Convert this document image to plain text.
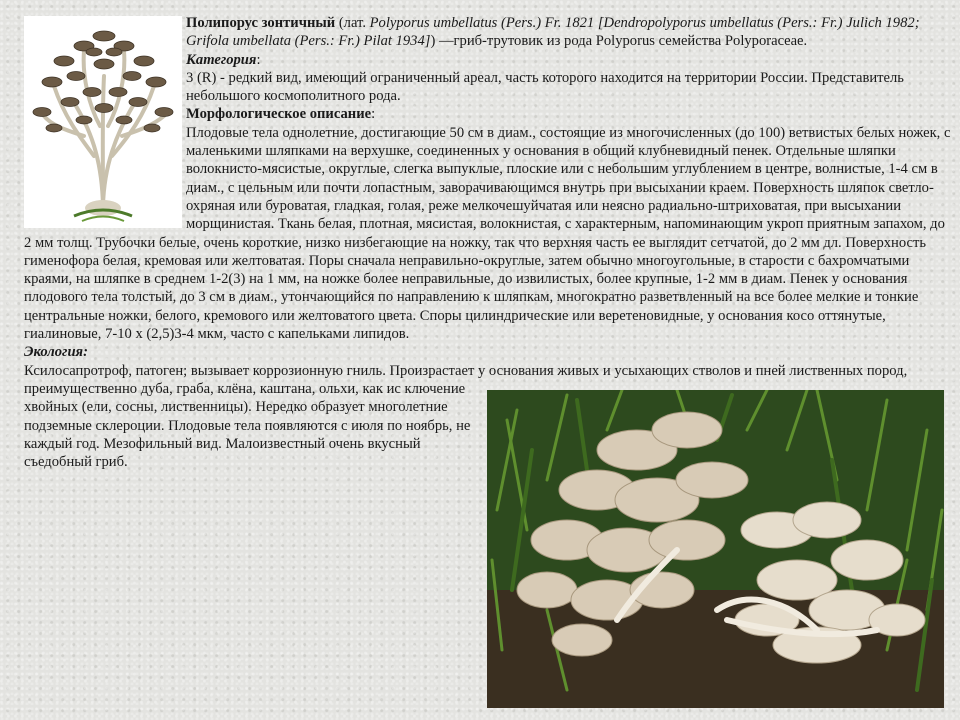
Полипорус зонтичный (лат. Polyporus umbellatus (Pers.) Fr. 1821 [Dendropolyporus umbellatus (Pers.: Fr.) Julich 1982; Grifola umbellata (Pers.: Fr.) Pilat 1934]) —гриб-трутовик из рода Polyporus семейства Polyporaceae.

Категория:

3 (R) - редкий вид, имеющий ограниченный ареал, часть которого находится на территории России. Представитель небольшого космополитного рода.

Морфологическое описание:

Плодовые тела однолетние, достигающие 50 см в диам., состоящие из многочисленных (до 100) ветвистых белых ножек, с маленькими шляпками на верхушке, соединенных у основания в общий клубневидный пенек. Отдельные шляпки волокнисто-мясистые, округлые, слегка выпуклые, плоские или с небольшим углублением в центре, волнистые, 1-4 см в диам., с цельным или почти лопастным, заворачивающимся внутрь при высыхании краем. Поверхность шляпок светло-охряная или буроватая, гладкая, голая, реже мелкочешуйчатая или неясно радиально-штриховатая, при высыхании морщинистая. Ткань белая, плотная, мясистая, волокнистая, с характерным, напоминающим укроп приятным запахом, до 2 мм толщ. Трубочки белые, очень короткие, низко низбегающие на ножку, так что верхняя часть ее выглядит сетчатой, до 2 мм дл. Поверхность гименофора белая, кремовая или желтоватая. Поры сначала неправильно-округлые, затем обычно многоугольные, в старости с бахромчатыми краями, на шляпке в среднем 1-2(3) на 1 мм, на ножке более неправильные, до извилистых, более крупные, 1-2 мм в диам. Пенек у основания плодового тела толстый, до 3 см в диам., утончающийся по направлению к шляпкам, многократно разветвленный на все более мелкие и тонкие центральные ножки, белого, кремового или желтоватого цвета. Споры цилиндрические или веретеновидные, у основания косо оттянутые, гиалиновые, 7-10 х (2,5)3-4 мкм, часто с капельками липидов.

Экология:

Ксилосапротроф, патоген; вызывает коррозионную гниль. Произрастает у основания живых и усыхающих стволов и пней лиственных пород, преимущественно дуба, граба, клёна, каштана, ольхи, как ис ключение хвойных (ели, сосны, лиственницы). Нередко образует многолетние подземные склероции. Плодовые тела появляются с июля по ноябрь, не каждый год. Мезофильный вид. Малоизвестный очень вкусный съедобный гриб.
